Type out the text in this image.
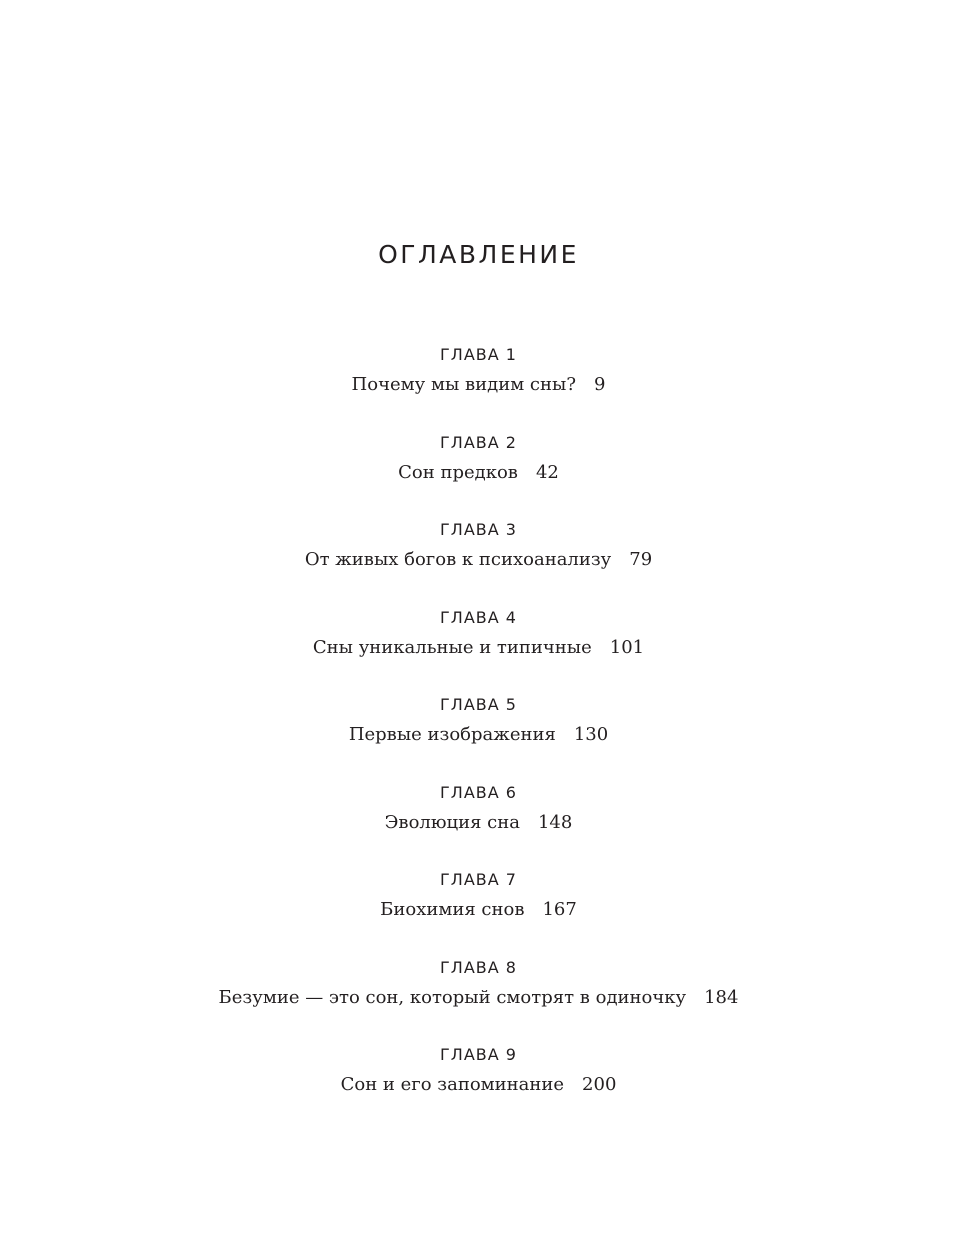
ОГЛАВЛЕНИЕ
ГЛАВА 1
Почему мы видим сны? 9
ГЛАВА 2
Сон предков 42
ГЛАВА 3
От живых богов к психоанализу 79
ГЛАВА 4
Сны уникальные и типичные 101
ГЛАВА 5
Первые изображения 130
ГЛАВА 6
Эволюция сна 148
ГЛАВА 7
Биохимия снов 167
ГЛАВА 8
Безумие — это сон, который смотрят в одиночку 184
ГЛАВА 9
Сон и его запоминание 200
